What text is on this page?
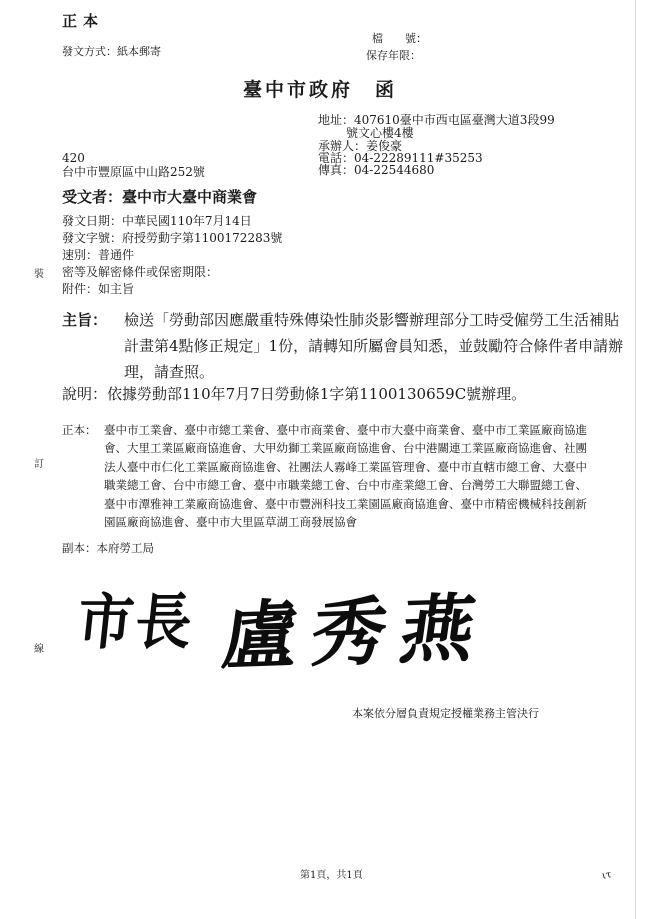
正本
發文方式：紙本郵寄
檔　　號：
保存年限：
臺中市政府　函
地址：407610臺中市西屯區臺灣大道3段99
號文心樓4樓
承辦人：姜俊豪
電話：04-22289111#35253
傳真：04-22544680
420
台中市豐原區中山路252號
受文者：臺中市大臺中商業會
發文日期：中華民國110年7月14日
發文字號：府授勞動字第1100172283號
速別：普通件
密等及解密條件或保密期限：
附件：如主旨
主旨： 檢送「勞動部因應嚴重特殊傳染性肺炎影響辦理部分工時受僱勞工生活補貼計畫第4點修正規定」1份，請轉知所屬會員知悉，並鼓勵符合條件者申請辦理，請查照。
說明：依據勞動部110年7月7日勞動條1字第1100130659C號辦理。
正本： 臺中市工業會、臺中市總工業會、臺中市商業會、臺中市大臺中商業會、臺中市工業區廠商協進會、大里工業區廠商協進會、大甲幼獅工業區廠商協進會、台中港關連工業區廠商協進會、社團法人臺中市仁化工業區廠商協進會、社團法人霧峰工業區管理會、臺中市直轄市總工會、大臺中職業總工會、台中市總工會、臺中市職業總工會、台中市產業總工會、台灣勞工大聯盟總工會、臺中市潭雅神工業廠商協進會、臺中市豐洲科技工業園區廠商協進會、臺中市精密機械科技創新園區廠商協進會、臺中市大里區草湖工商發展協會
副本：本府勞工局
市長 盧秀燕
本案依分層負責規定授權業務主管決行
裝
訂
線
第1頁，共1頁	ιτ
